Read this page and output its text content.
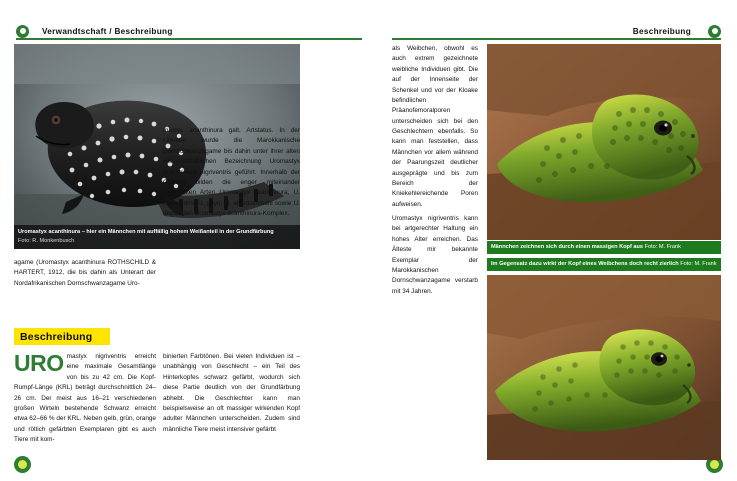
Verwandtschaft / Beschreibung
Uromastyx acanthinura – hier ein Männchen mit auffällig hohem Weißanteil in der Grundfärbung
Foto: R. Monkenbusch

agame (Uromastyx acanthinura ROTHSCHILD & HARTERT, 1912, die bis dahin als Unterart der Nordafrikanischen Dornschwanzagame Uro-

mastyx acanthinura galt, Artstatus. In der Literatur wurde die Marokkanische Dornschwanzagame bis dahin unter ihrer alten wissenschaftlichen Bezeichnung Uromastyx acanthinura nigriventris geführt. Innerhalb der Gattung bilden die enger miteinander verwandten Arten Uromastyx acanthinura, U. nigriventris, U. geyri, U. alfredschmidti sowie U. dispar den Uromastyx-acanthinura-Komplex.

Beschreibung

URO mastyx nigriventris erreicht eine maximale Gesamtlänge von bis zu 42 cm. Die Kopf-Rumpf-Länge (KRL) beträgt durchschnittlich 24–26 cm. Der meist aus 16–21 verschiedenen großen Wirteln bestehende Schwanz erreicht etwa 62–66 % der KRL. Neben gelb, grün, orange und rötlich gefärbten Exemplaren gibt es auch Tiere mit kom-

binierten Farbtönen. Bei vielen Individuen ist – unabhängig von Geschlecht – ein Teil des Hinterkopfes schwarz gefärbt, wodurch sich diese Partie deutlich von der Grundfärbung abhebt. Die Geschlechter kann man beispielsweise an oft massiger wirkenden Kopf adulter Männchen unterscheiden. Zudem sind männliche Tiere meist intensiver gefärbt

Beschreibung

als Weibchen, obwohl es auch extrem gezeichnete weibliche Individuen gibt. Die auf der Innenseite der Schenkel und vor der Kloake befindlichen Präanofemoralporen unterscheiden sich bei den Geschlechtern ebenfalls. So kann man feststellen, dass Männchen vor allem während der Paarungszeit deutlicher ausgeprägte und bis zum Bereich der Kniekehlereichende Poren aufweisen.

Uromastyx nigriventris kann bei artgerechter Haltung ein hohes Alter erreichen. Das Älteste mir bekannte Exemplar der Marokkanischen Dornschwanzagame verstarb mit 34 Jahren.

Männchen zeichnen sich durch einen massigen Kopf aus Foto: M. Frank
Im Gegensatz dazu wirkt der Kopf eines Weibchens doch recht zierlich Foto: M. Frank
